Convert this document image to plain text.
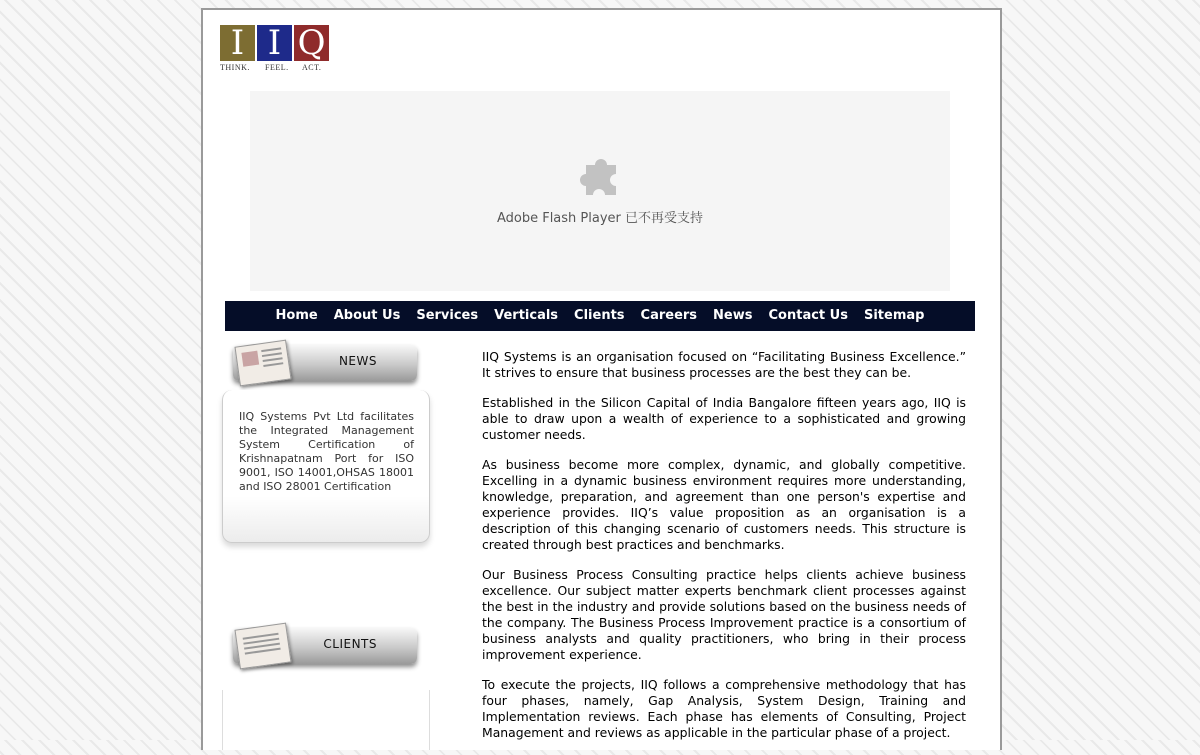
I I Q
THINK. FEEL. ACT.
Adobe Flash Player 已不再受支持
Home About Us Services Verticals Clients Careers News Contact Us Sitemap
NEWS

IIQ Systems Pvt Ltd facilitates the Integrated Management System Certification of Krishnapatnam Port for ISO 9001, ISO 14001,OHSAS 18001 and ISO 28001 Certification

CLIENTS

IIQ Systems is an organisation focused on “Facilitating Business Excellence.” It strives to ensure that business processes are the best they can be.

Established in the Silicon Capital of India Bangalore fifteen years ago, IIQ is able to draw upon a wealth of experience to a sophisticated and growing customer needs.

As business become more complex, dynamic, and globally competitive. Excelling in a dynamic business environment requires more understanding, knowledge, preparation, and agreement than one person's expertise and experience provides. IIQ’s value proposition as an organisation is a description of this changing scenario of customers needs. This structure is created through best practices and benchmarks.

Our Business Process Consulting practice helps clients achieve business excellence. Our subject matter experts benchmark client processes against the best in the industry and provide solutions based on the business needs of the company. The Business Process Improvement practice is a consortium of business analysts and quality practitioners, who bring in their process improvement experience.

To execute the projects, IIQ follows a comprehensive methodology that has four phases, namely, Gap Analysis, System Design, Training and Implementation reviews. Each phase has elements of Consulting, Project Management and reviews as applicable in the particular phase of a project.
